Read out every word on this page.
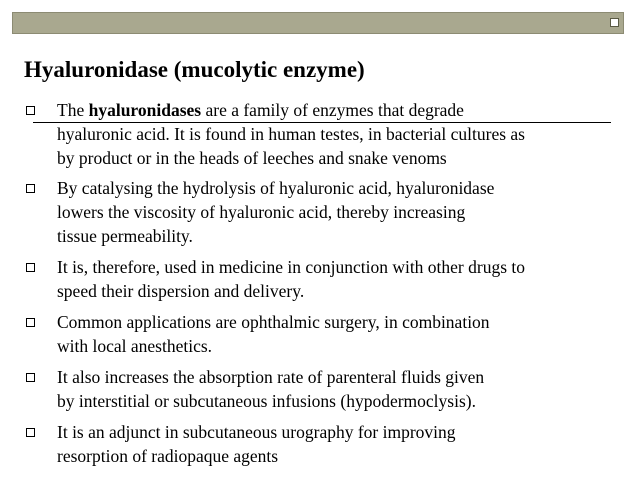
Hyaluronidase (mucolytic enzyme)
The hyaluronidases are a family of enzymes that degrade
hyaluronic acid. It is found in human testes, in bacterial cultures as
by product or in the heads of leeches and snake venoms
By catalysing the hydrolysis of hyaluronic acid, hyaluronidase
lowers the viscosity of hyaluronic acid, thereby increasing
tissue permeability.
It is, therefore, used in medicine in conjunction with other drugs to
speed their dispersion and delivery.
Common applications are ophthalmic surgery, in combination
with local anesthetics.
It also increases the absorption rate of parenteral fluids given
by interstitial or subcutaneous infusions (hypodermoclysis).
It is an adjunct in subcutaneous urography for improving
resorption of radiopaque agents
